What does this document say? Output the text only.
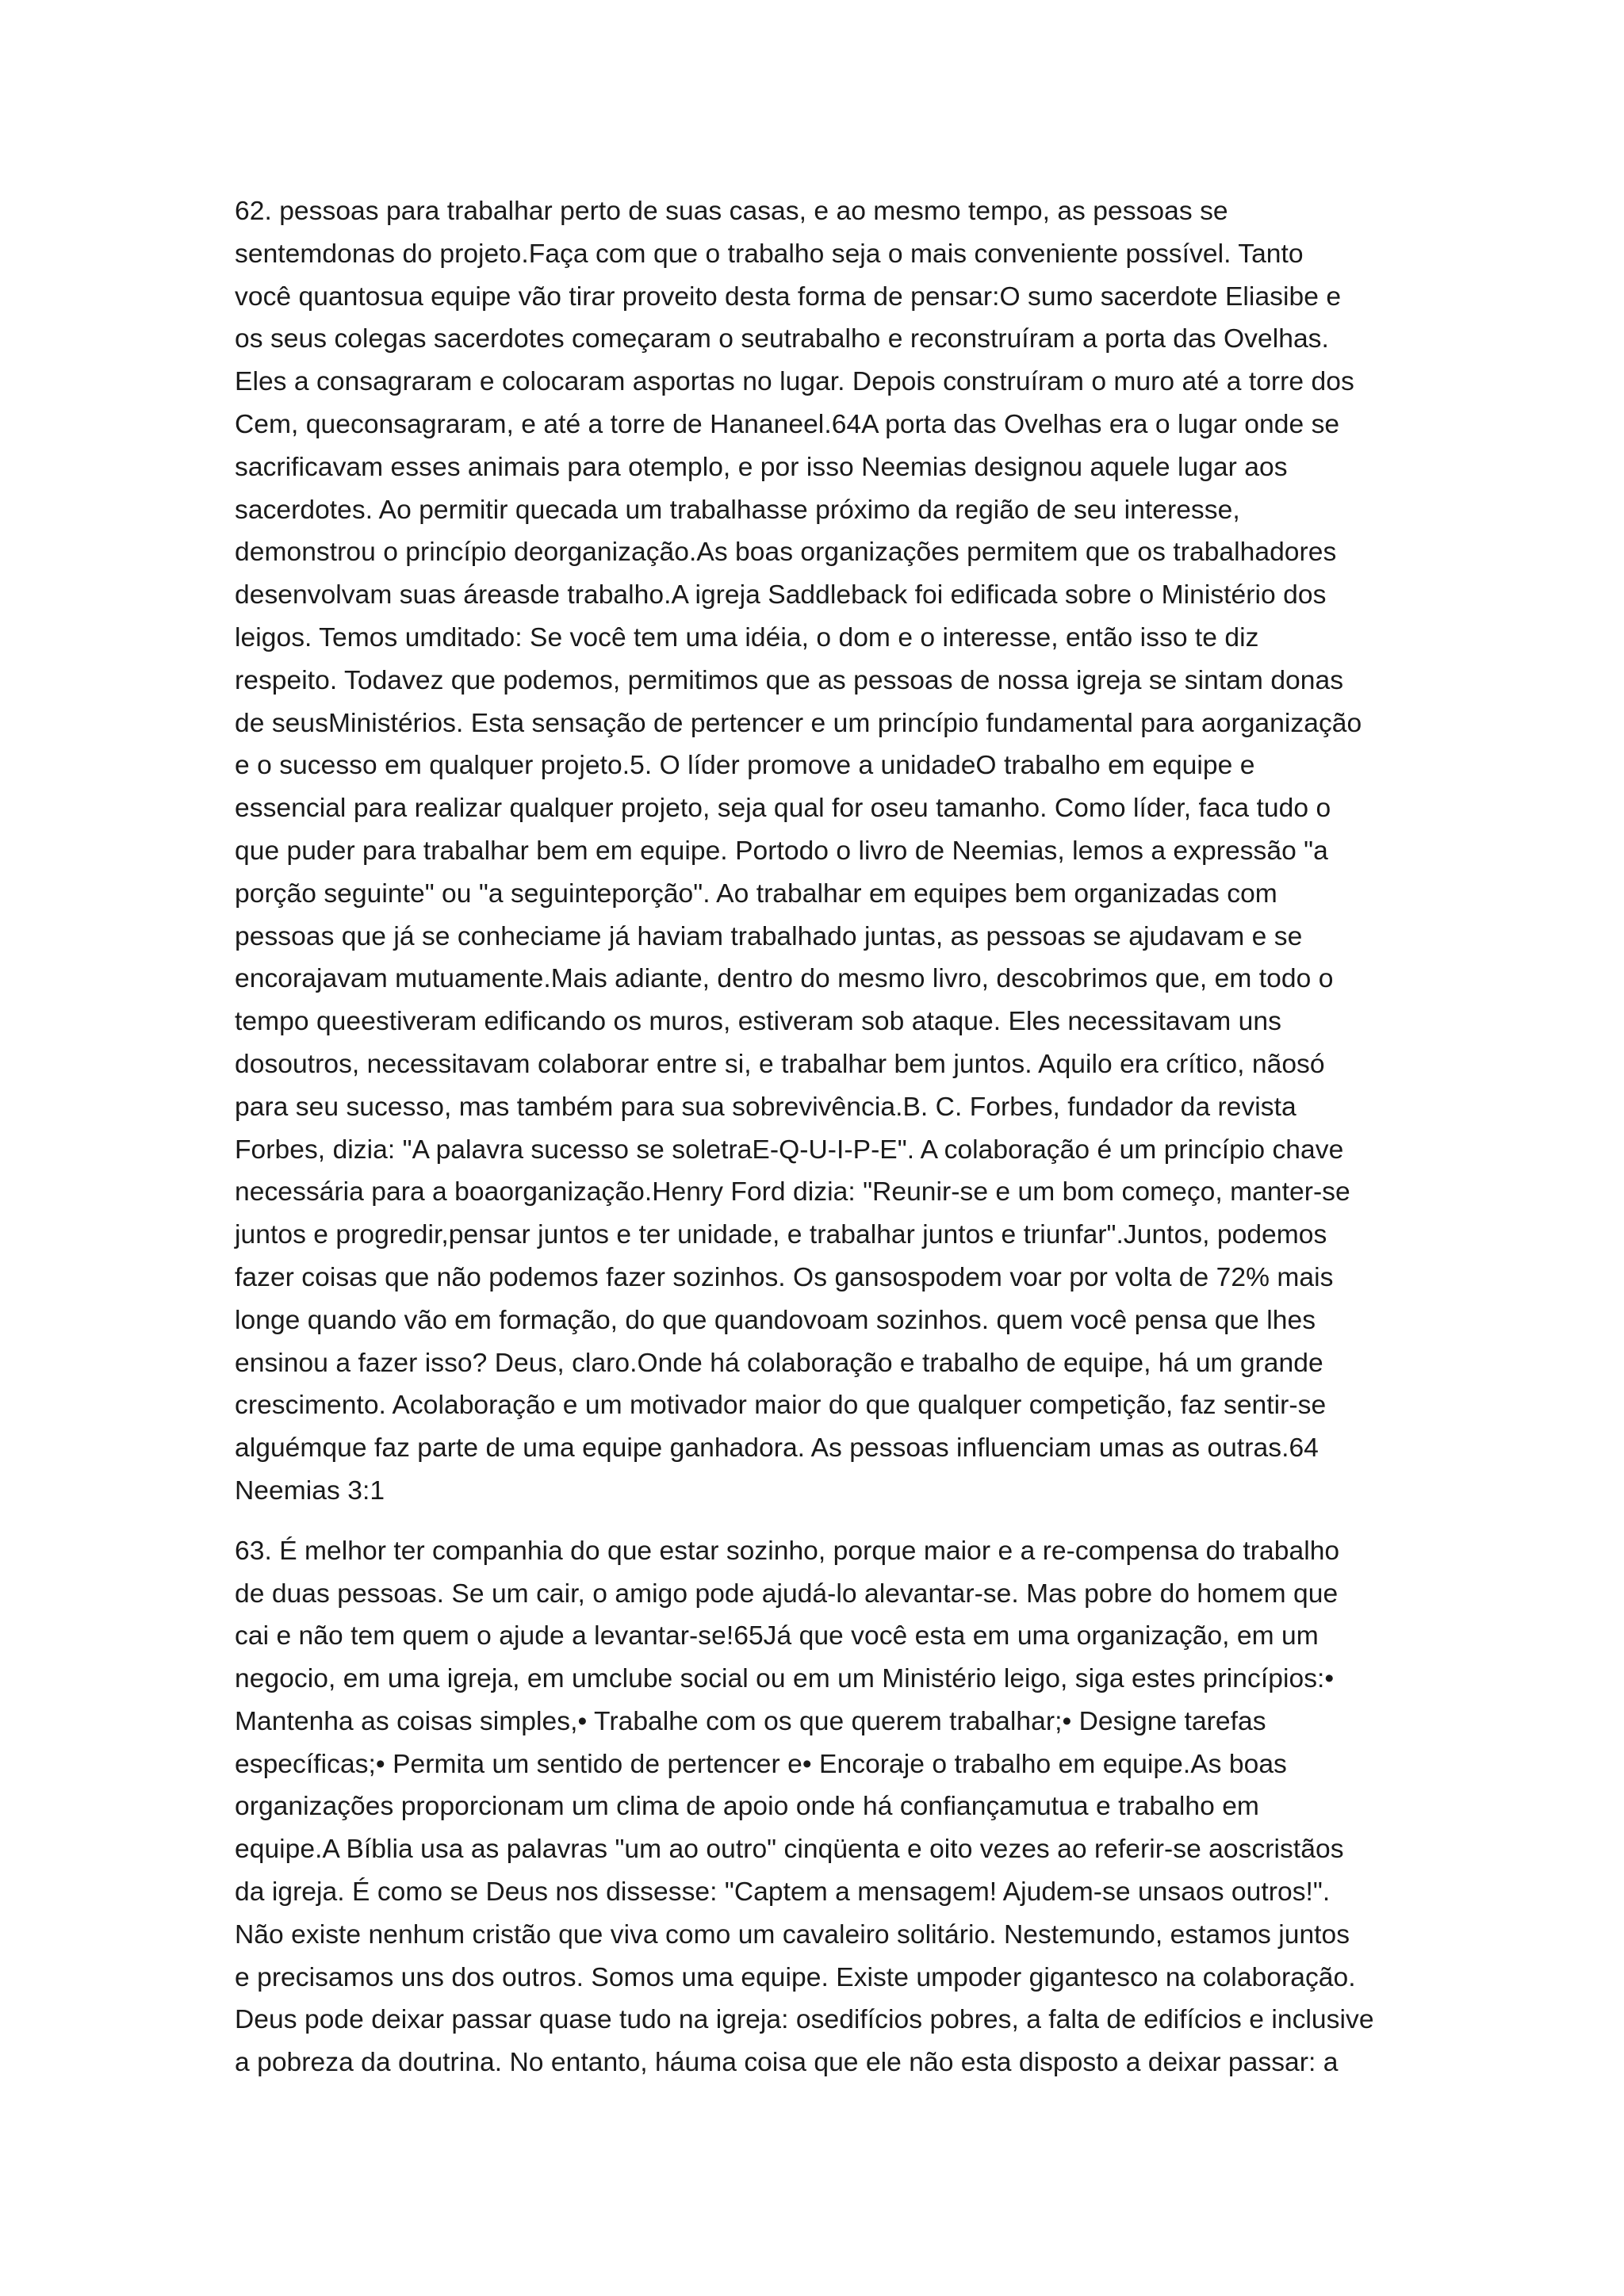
62. pessoas para trabalhar perto de suas casas, e ao mesmo tempo, as pessoas se
sentemdonas do projeto.Faça com que o trabalho seja o mais conveniente possível. Tanto
você quantosua equipe vão tirar proveito desta forma de pensar:O sumo sacerdote Eliasibe e
os seus colegas sacerdotes começaram o seutrabalho e reconstruíram a porta das Ovelhas.
Eles a consagraram e colocaram asportas no lugar. Depois construíram o muro até a torre dos
Cem, queconsagraram, e até a torre de Hananeel.64A porta das Ovelhas era o lugar onde se
sacrificavam esses animais para otemplo, e por isso Neemias designou aquele lugar aos
sacerdotes. Ao permitir quecada um trabalhasse próximo da região de seu interesse,
demonstrou o princípio deorganização.As boas organizações permitem que os trabalhadores
desenvolvam suas áreasde trabalho.A igreja Saddleback foi edificada sobre o Ministério dos
leigos. Temos umditado: Se você tem uma idéia, o dom e o interesse, então isso te diz
respeito. Todavez que podemos, permitimos que as pessoas de nossa igreja se sintam donas
de seusMinistérios. Esta sensação de pertencer e um princípio fundamental para aorganização
e o sucesso em qualquer projeto.5. O líder promove a unidadeO trabalho em equipe e
essencial para realizar qualquer projeto, seja qual for oseu tamanho. Como líder, faca tudo o
que puder para trabalhar bem em equipe. Portodo o livro de Neemias, lemos a expressão "a
porção seguinte" ou "a seguinteporção". Ao trabalhar em equipes bem organizadas com
pessoas que já se conheciame já haviam trabalhado juntas, as pessoas se ajudavam e se
encorajavam mutuamente.Mais adiante, dentro do mesmo livro, descobrimos que, em todo o
tempo queestiveram edificando os muros, estiveram sob ataque. Eles necessitavam uns
dosoutros, necessitavam colaborar entre si, e trabalhar bem juntos. Aquilo era crítico, nãosó
para seu sucesso, mas também para sua sobrevivência.B. C. Forbes, fundador da revista
Forbes, dizia: "A palavra sucesso se soletraE-Q-U-I-P-E". A colaboração é um princípio chave
necessária para a boaorganização.Henry Ford dizia: "Reunir-se e um bom começo, manter-se
juntos e progredir,pensar juntos e ter unidade, e trabalhar juntos e triunfar".Juntos, podemos
fazer coisas que não podemos fazer sozinhos. Os gansospodem voar por volta de 72% mais
longe quando vão em formação, do que quandovoam sozinhos. quem você pensa que lhes
ensinou a fazer isso? Deus, claro.Onde há colaboração e trabalho de equipe, há um grande
crescimento. Acolaboração e um motivador maior do que qualquer competição, faz sentir-se
alguémque faz parte de uma equipe ganhadora. As pessoas influenciam umas as outras.64
Neemias 3:1

63. É melhor ter companhia do que estar sozinho, porque maior e a re-compensa do trabalho
de duas pessoas. Se um cair, o amigo pode ajudá-lo alevantar-se. Mas pobre do homem que
cai e não tem quem o ajude a levantar-se!65Já que você esta em uma organização, em um
negocio, em uma igreja, em umclube social ou em um Ministério leigo, siga estes princípios:•
Mantenha as coisas simples,• Trabalhe com os que querem trabalhar;• Designe tarefas
específicas;• Permita um sentido de pertencer e• Encoraje o trabalho em equipe.As boas
organizações proporcionam um clima de apoio onde há confiançamutua e trabalho em
equipe.A Bíblia usa as palavras "um ao outro" cinqüenta e oito vezes ao referir-se aoscristãos
da igreja. É como se Deus nos dissesse: "Captem a mensagem! Ajudem-se unsaos outros!".
Não existe nenhum cristão que viva como um cavaleiro solitário. Nestemundo, estamos juntos
e precisamos uns dos outros. Somos uma equipe. Existe umpoder gigantesco na colaboração.
Deus pode deixar passar quase tudo na igreja: osedifícios pobres, a falta de edifícios e inclusive
a pobreza da doutrina. No entanto, háuma coisa que ele não esta disposto a deixar passar: a
